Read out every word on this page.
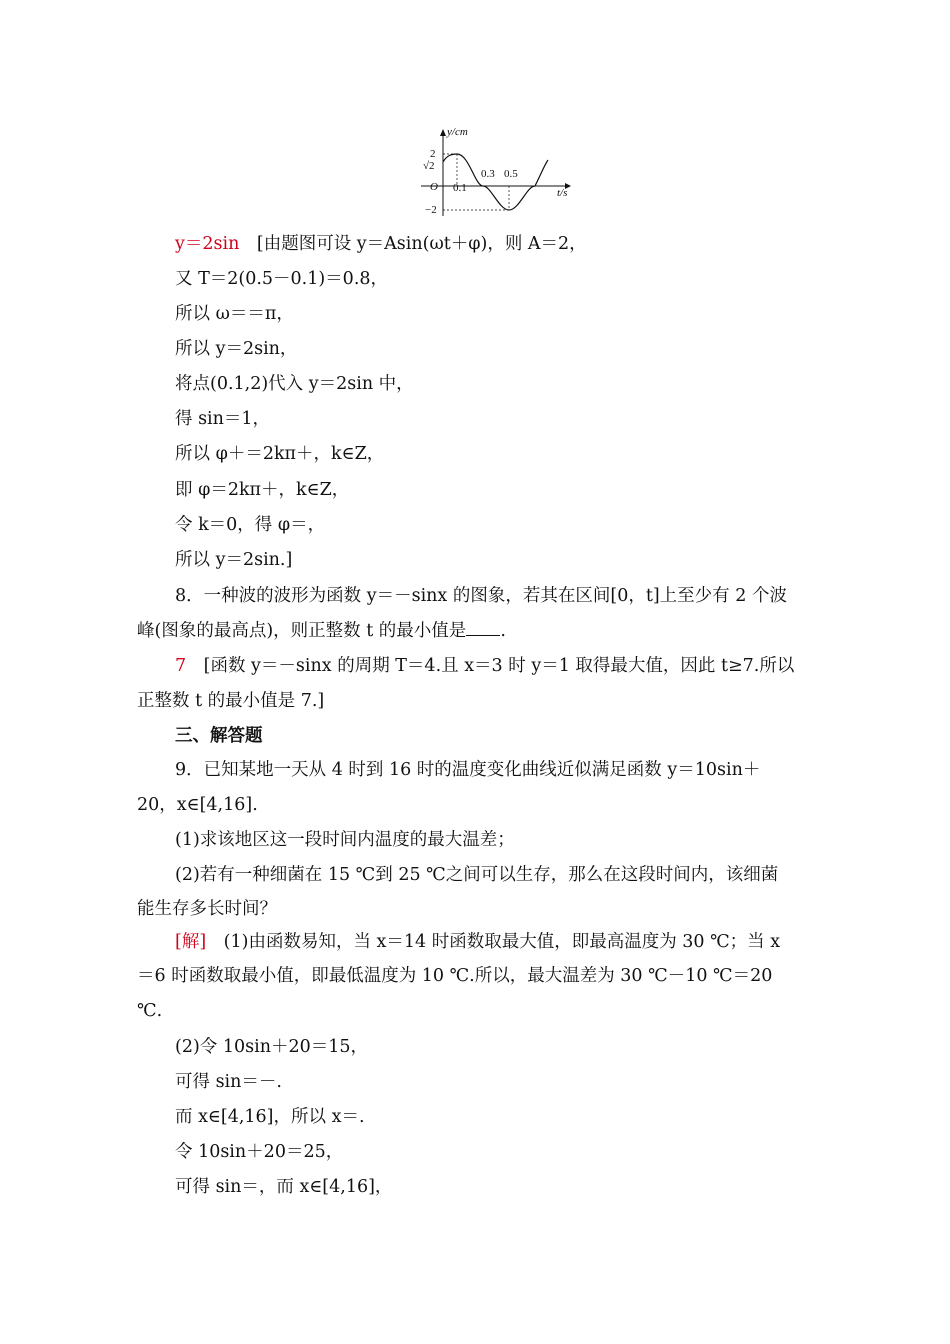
y/cm
t/s
2
√2
−2
O 0.1
0.3 0.5
y＝2sin　[由题图可设 y＝Asin(ωt＋φ)，则 A＝2，
又 T＝2(0.5－0.1)＝0.8，
所以 ω＝＝π，
所以 y＝2sin，
将点(0.1,2)代入 y＝2sin 中，
得 sin＝1，
所以 φ＋＝2kπ＋，k∈Z，
即 φ＝2kπ＋，k∈Z，
令 k＝0，得 φ＝，
所以 y＝2sin.]
8．一种波的波形为函数 y＝－sinx 的图象，若其在区间[0，t]上至少有 2 个波
峰(图象的最高点)，则正整数 t 的最小值是 .
7　[函数 y＝－sinx 的周期 T＝4.且 x＝3 时 y＝1 取得最大值，因此 t≥7.所以
正整数 t 的最小值是 7.]
三、解答题
9．已知某地一天从 4 时到 16 时的温度变化曲线近似满足函数 y＝10sin＋
20，x∈[4,16].
(1)求该地区这一段时间内温度的最大温差；
(2)若有一种细菌在 15 ℃到 25 ℃之间可以生存，那么在这段时间内，该细菌
能生存多长时间？
[解]　(1)由函数易知，当 x＝14 时函数取最大值，即最高温度为 30 ℃；当 x
＝6 时函数取最小值，即最低温度为 10 ℃.所以，最大温差为 30 ℃－10 ℃＝20
℃.
(2)令 10sin＋20＝15，
可得 sin＝－.
而 x∈[4,16]，所以 x＝.
令 10sin＋20＝25，
可得 sin＝，而 x∈[4,16]，
